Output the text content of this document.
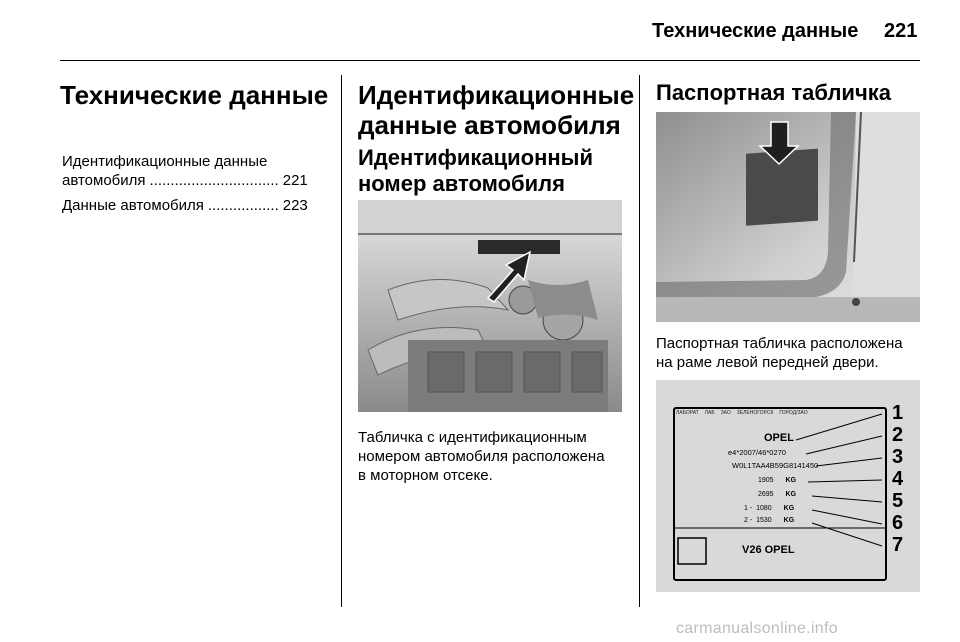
Технические данные 221
Технические данные
Идентификационные данные
автомобиля ............................... 221
Данные автомобиля ................. 223
Идентификационные
данные автомобиля
Идентификационный
номер автомобиля
Табличка с идентификационным
номером автомобиля расположена
в моторном отсеке.
Паспортная табличка
Паспортная табличка расположена
на раме левой передней двери.
ЛАБОРАТ ЛАБ ЗАО ЗЕЛЕНОГОРСК ГОРОД/ЗАО
OPEL
e4*2007/46*0270
W0L1TAA4B59G8141450
1905 KG
2695 KG
1 - 1080 KG
2 - 1530 KG
V26 OPEL
1
2
3
4
5
6
7
carmanualsonline.info
